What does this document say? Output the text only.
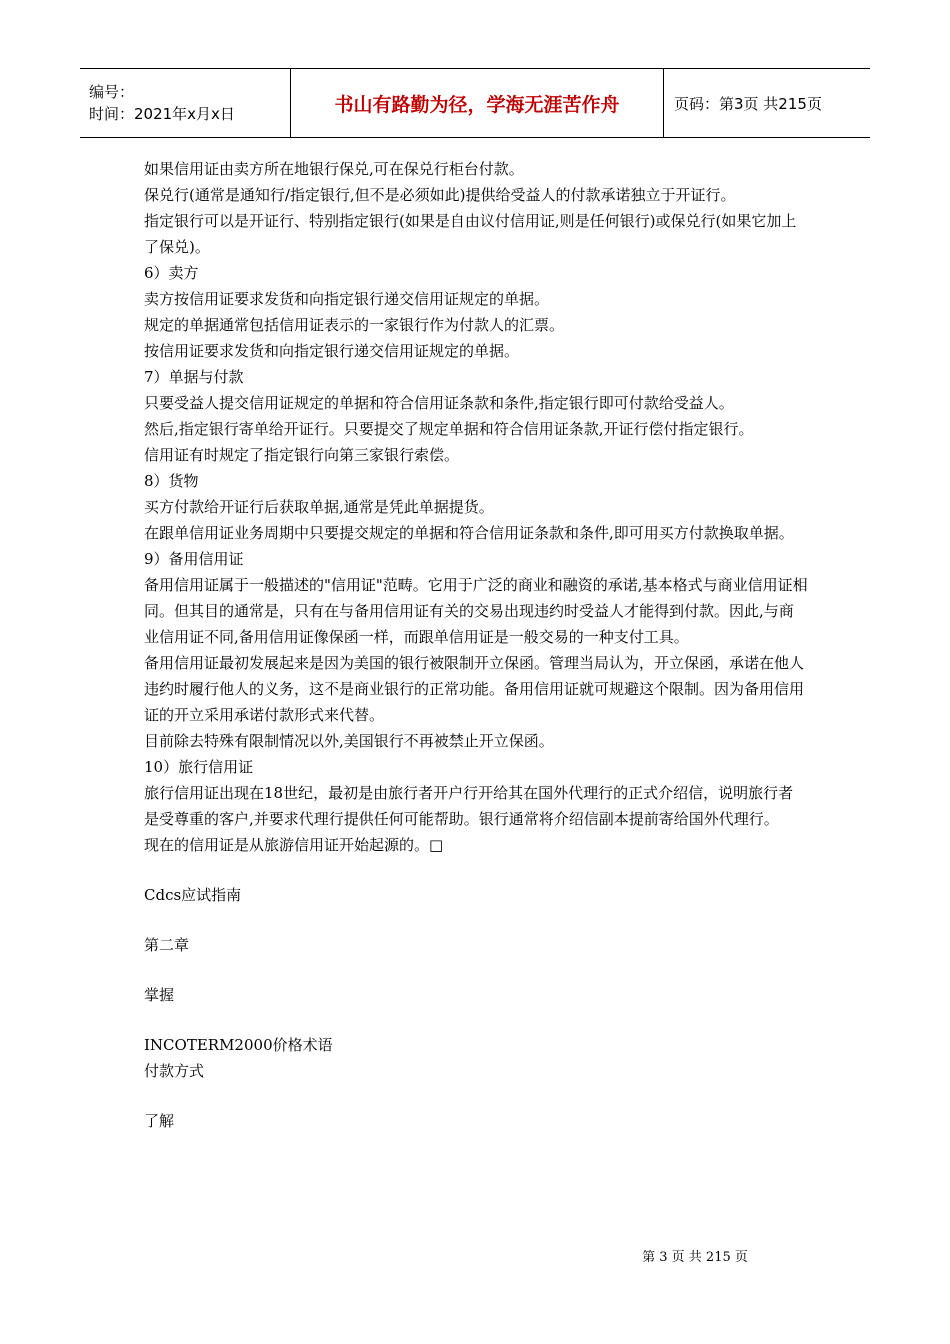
编号：
时间：2021年x月x日	书山有路勤为径，学海无涯苦作舟	页码：第3页 共215页

如果信用证由卖方所在地银行保兑,可在保兑行柜台付款。

保兑行(通常是通知行/指定银行,但不是必须如此)提供给受益人的付款承诺独立于开证行。

指定银行可以是开证行、特别指定银行(如果是自由议付信用证,则是任何银行)或保兑行(如果它加上了保兑)。

6）卖方

卖方按信用证要求发货和向指定银行递交信用证规定的单据。

规定的单据通常包括信用证表示的一家银行作为付款人的汇票。

按信用证要求发货和向指定银行递交信用证规定的单据。

7）单据与付款

只要受益人提交信用证规定的单据和符合信用证条款和条件,指定银行即可付款给受益人。

然后,指定银行寄单给开证行。只要提交了规定单据和符合信用证条款,开证行偿付指定银行。

信用证有时规定了指定银行向第三家银行索偿。

8）货物

买方付款给开证行后获取单据,通常是凭此单据提货。

在跟单信用证业务周期中只要提交规定的单据和符合信用证条款和条件,即可用买方付款换取单据。

9）备用信用证

备用信用证属于一般描述的"信用证"范畴。它用于广泛的商业和融资的承诺,基本格式与商业信用证相同。但其目的通常是，只有在与备用信用证有关的交易出现违约时受益人才能得到付款。因此,与商业信用证不同,备用信用证像保函一样，而跟单信用证是一般交易的一种支付工具。

备用信用证最初发展起来是因为美国的银行被限制开立保函。管理当局认为，开立保函，承诺在他人违约时履行他人的义务，这不是商业银行的正常功能。备用信用证就可规避这个限制。因为备用信用证的开立采用承诺付款形式来代替。

目前除去特殊有限制情况以外,美国银行不再被禁止开立保函。

10）旅行信用证

旅行信用证出现在18世纪，最初是由旅行者开户行开给其在国外代理行的正式介绍信，说明旅行者是受尊重的客户,并要求代理行提供任何可能帮助。银行通常将介绍信副本提前寄给国外代理行。

现在的信用证是从旅游信用证开始起源的。□

Cdcs应试指南

第二章

掌握

INCOTERM2000价格术语

付款方式

了解

第 3 页 共 215 页
